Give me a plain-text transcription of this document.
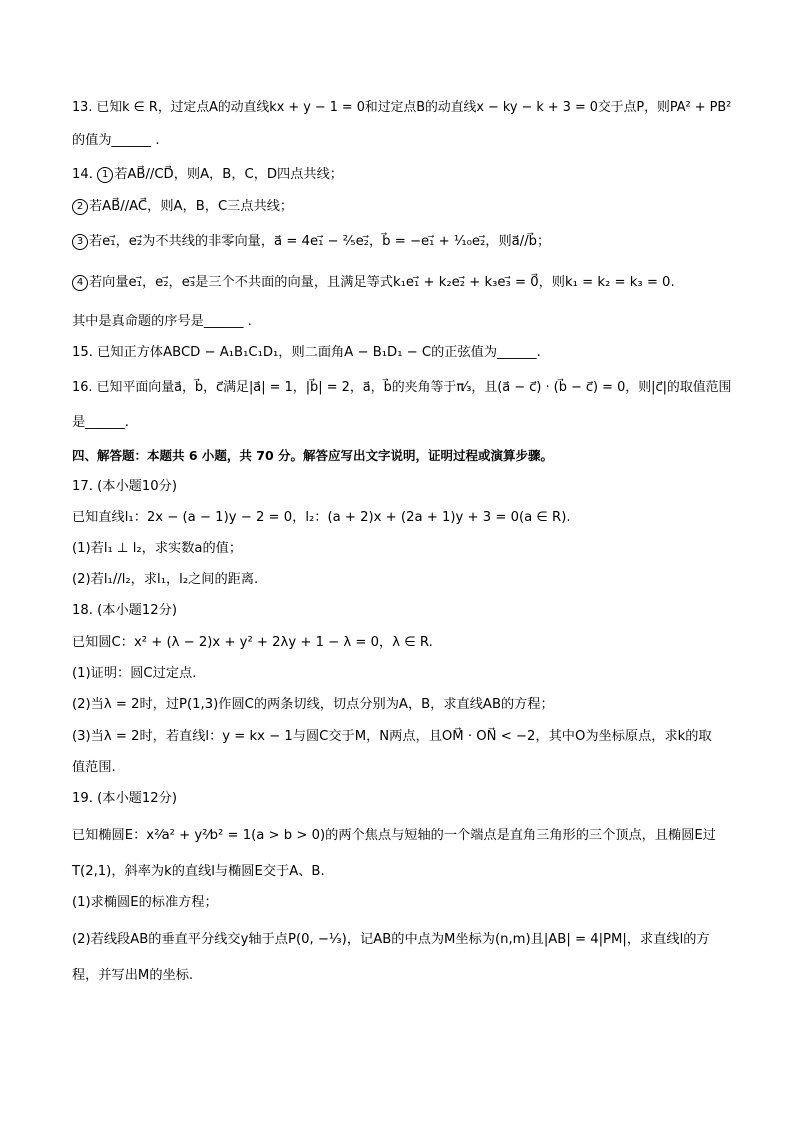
13. 已知k ∈ R，过定点A的动直线kx + y − 1 = 0和过定点B的动直线x − ky − k + 3 = 0交于点P，则PA² + PB²
的值为______ .
14. 1 若AB⃗//CD⃗，则A，B，C，D四点共线；
2 若AB⃗//AC⃗，则A，B，C三点共线；
3 若e₁⃗，e₂⃗为不共线的非零向量，a⃗ = 4e₁⃗ − ²⁄₅e₂⃗，b⃗ = −e₁⃗ + ¹⁄₁₀e₂⃗，则a⃗//b⃗；
4 若向量e₁⃗，e₂⃗，e₃⃗是三个不共面的向量，且满足等式k₁e₁⃗ + k₂e₂⃗ + k₃e₃⃗ = 0⃗，则k₁ = k₂ = k₃ = 0.
其中是真命题的序号是______ .
15. 已知正方体ABCD − A₁B₁C₁D₁，则二面角A − B₁D₁ − C的正弦值为______.
16. 已知平面向量a⃗，b⃗，c⃗满足|a⃗| = 1，|b⃗| = 2，a⃗，b⃗的夹角等于π⁄₃，且(a⃗ − c⃗) · (b⃗ − c⃗) = 0，则|c⃗|的取值范围
是______.
四、解答题：本题共 6 小题，共 70 分。解答应写出文字说明，证明过程或演算步骤。
17. (本小题10分)
已知直线l₁：2x − (a − 1)y − 2 = 0，l₂：(a + 2)x + (2a + 1)y + 3 = 0(a ∈ R).
(1)若l₁ ⊥ l₂，求实数a的值；
(2)若l₁//l₂，求l₁，l₂之间的距离.
18. (本小题12分)
已知圆C：x² + (λ − 2)x + y² + 2λy + 1 − λ = 0，λ ∈ R.
(1)证明：圆C过定点.
(2)当λ = 2时，过P(1,3)作圆C的两条切线，切点分别为A，B，求直线AB的方程；
(3)当λ = 2时，若直线l：y = kx − 1与圆C交于M，N两点，且OM⃗ · ON⃗ < −2，其中O为坐标原点，求k的取
值范围.
19. (本小题12分)
已知椭圆E：x²⁄a² + y²⁄b² = 1(a > b > 0)的两个焦点与短轴的一个端点是直角三角形的三个顶点，且椭圆E过
T(2,1)，斜率为k的直线l与椭圆E交于A、B.
(1)求椭圆E的标准方程；
(2)若线段AB的垂直平分线交y轴于点P(0, −¹⁄₃)，记AB的中点为M坐标为(n,m)且|AB| = 4|PM|，求直线l的方
程，并写出M的坐标.
